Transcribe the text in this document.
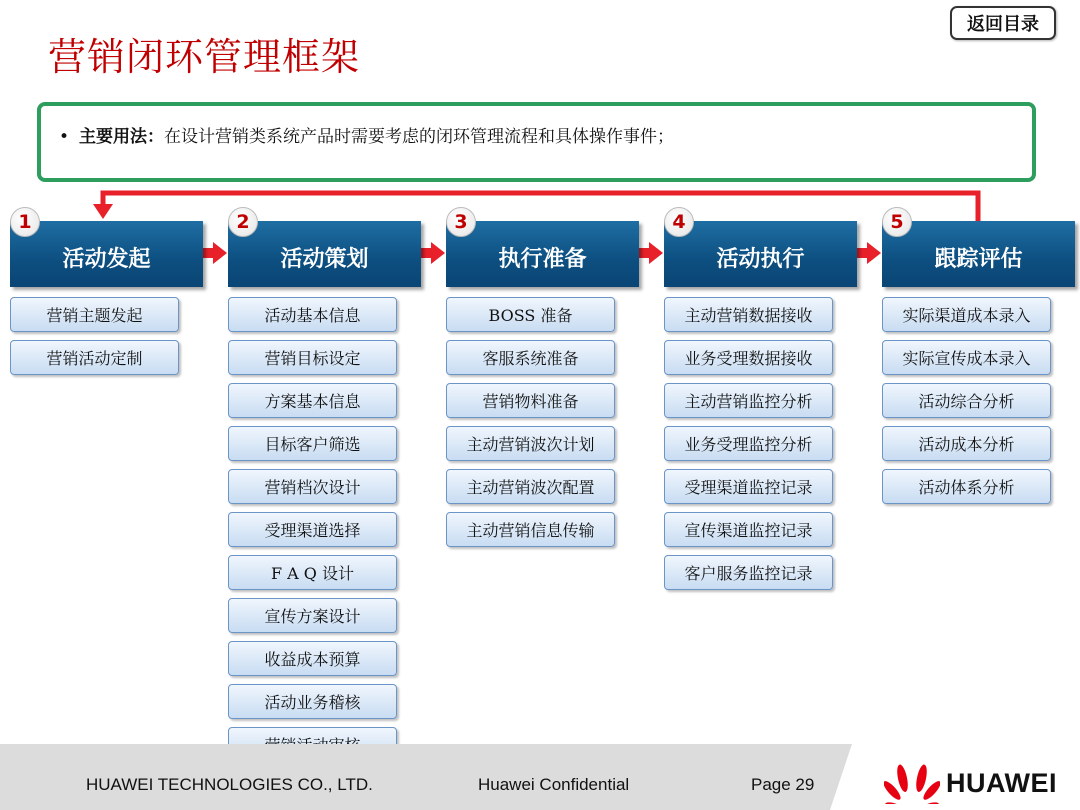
营销闭环管理框架
返回目录
• 主要用法：在设计营销类系统产品时需要考虑的闭环管理流程和具体操作事件；
活动发起
1
营销主题发起
营销活动定制
活动策划
2
活动基本信息
营销目标设定
方案基本信息
目标客户筛选
营销档次设计
受理渠道选择
F A Q 设计
宣传方案设计
收益成本预算
活动业务稽核
执行准备
3
BOSS 准备
客服系统准备
营销物料准备
主动营销波次计划
主动营销波次配置
主动营销信息传输
活动执行
4
主动营销数据接收
业务受理数据接收
主动营销监控分析
业务受理监控分析
受理渠道监控记录
宣传渠道监控记录
客户服务监控记录
跟踪评估
5
实际渠道成本录入
实际宣传成本录入
活动综合分析
活动成本分析
活动体系分析
HUAWEI TECHNOLOGIES CO., LTD.	Huawei Confidential	Page 29	HUAWEI
